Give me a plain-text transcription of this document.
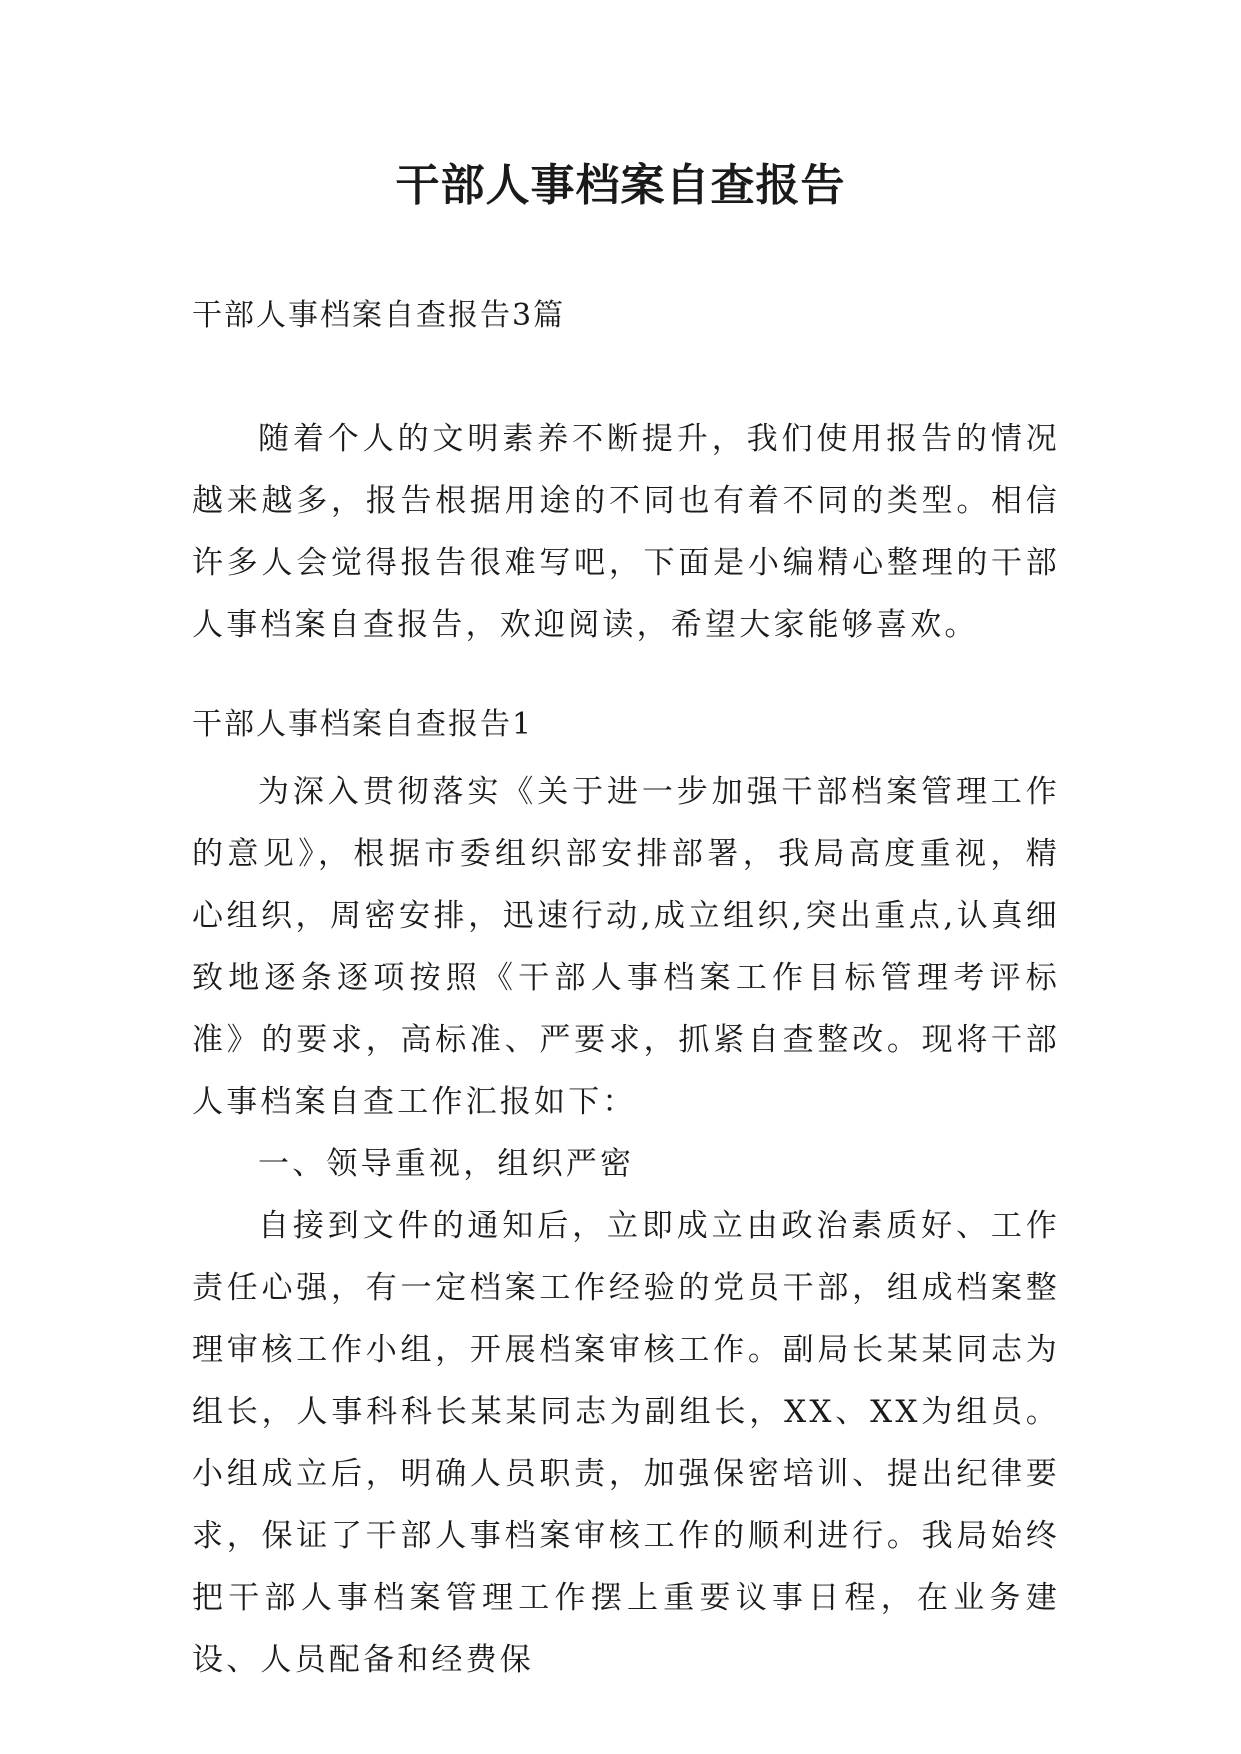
干部人事档案自查报告

干部人事档案自查报告3篇

随着个人的文明素养不断提升，我们使用报告的情况越来越多，报告根据用途的不同也有着不同的类型。相信许多人会觉得报告很难写吧，下面是小编精心整理的干部人事档案自查报告，欢迎阅读，希望大家能够喜欢。

干部人事档案自查报告1

为深入贯彻落实《关于进一步加强干部档案管理工作的意见》，根据市委组织部安排部署，我局高度重视，精心组织，周密安排，迅速行动,成立组织,突出重点,认真细致地逐条逐项按照《干部人事档案工作目标管理考评标准》的要求，高标准、严要求，抓紧自查整改。现将干部人事档案自查工作汇报如下：

一、领导重视，组织严密

自接到文件的通知后，立即成立由政治素质好、工作责任心强，有一定档案工作经验的党员干部，组成档案整理审核工作小组，开展档案审核工作。副局长某某同志为组长，人事科科长某某同志为副组长，XX、XX为组员。小组成立后，明确人员职责，加强保密培训、提出纪律要求，保证了干部人事档案审核工作的顺利进行。我局始终把干部人事档案管理工作摆上重要议事日程，在业务建设、人员配备和经费保
